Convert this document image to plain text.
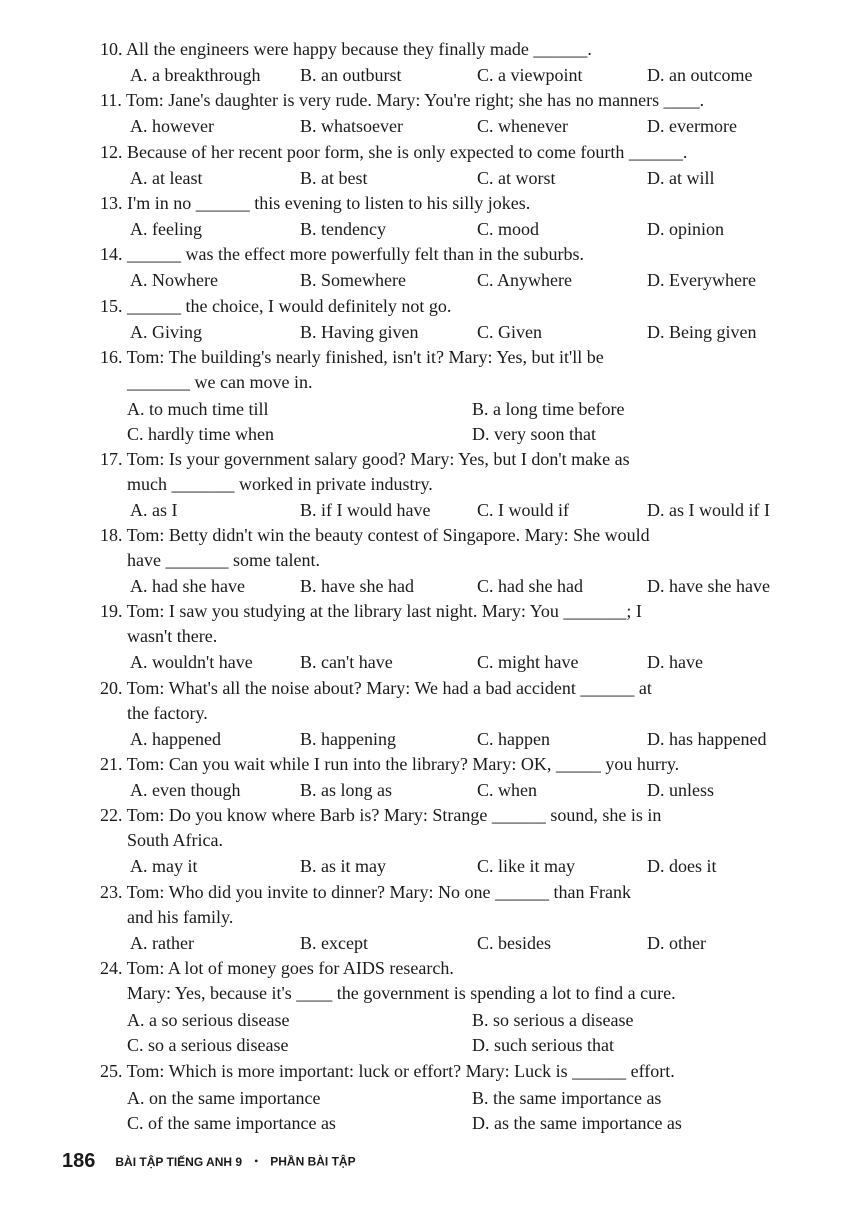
10. All the engineers were happy because they finally made ______.
A. a breakthrough B. an outburst	C. a viewpoint	D. an outcome
11. Tom: Jane's daughter is very rude. Mary: You're right; she has no manners ____.
A. however	B. whatsoever	C. whenever	D. evermore
12. Because of her recent poor form, she is only expected to come fourth ______.
A. at least	B. at best	C. at worst	D. at will
13. I'm in no ______ this evening to listen to his silly jokes.
A. feeling	B. tendency	C. mood	D. opinion
14. ______ was the effect more powerfully felt than in the suburbs.
A. Nowhere	B. Somewhere	C. Anywhere	D. Everywhere
15. ______ the choice, I would definitely not go.
A. Giving	B. Having given	C. Given	D. Being given
16. Tom: The building's nearly finished, isn't it? Mary: Yes, but it'll be
_______ we can move in.
A. to much time till	B. a long time before
C. hardly time when	D. very soon that
17. Tom: Is your government salary good? Mary: Yes, but I don't make as
much _______ worked in private industry.
A. as I	B. if I would have	C. I would if	D. as I would if I
18. Tom: Betty didn't win the beauty contest of Singapore. Mary: She would
have _______ some talent.
A. had she have	B. have she had	C. had she had	D. have she have
19. Tom: I saw you studying at the library last night. Mary: You _______; I
wasn't there.
A. wouldn't have	B. can't have	C. might have	D. have
20. Tom: What's all the noise about? Mary: We had a bad accident ______ at
the factory.
A. happened	B. happening	C. happen	D. has happened
21. Tom: Can you wait while I run into the library? Mary: OK, _____ you hurry.
A. even though	B. as long as	C. when	D. unless
22. Tom: Do you know where Barb is? Mary: Strange ______ sound, she is in
South Africa.
A. may it	B. as it may	C. like it may	D. does it
23. Tom: Who did you invite to dinner? Mary: No one ______ than Frank
and his family.
A. rather	B. except	C. besides	D. other
24. Tom: A lot of money goes for AIDS research.
Mary: Yes, because it's ____ the government is spending a lot to find a cure.
A. a so serious disease	B. so serious a disease
C. so a serious disease	D. such serious that
25. Tom: Which is more important: luck or effort? Mary: Luck is ______ effort.
A. on the same importance	B. the same importance as
C. of the same importance as	D. as the same importance as
186 BÀI TẬP TIẾNG ANH 9 • PHẦN BÀI TẬP
